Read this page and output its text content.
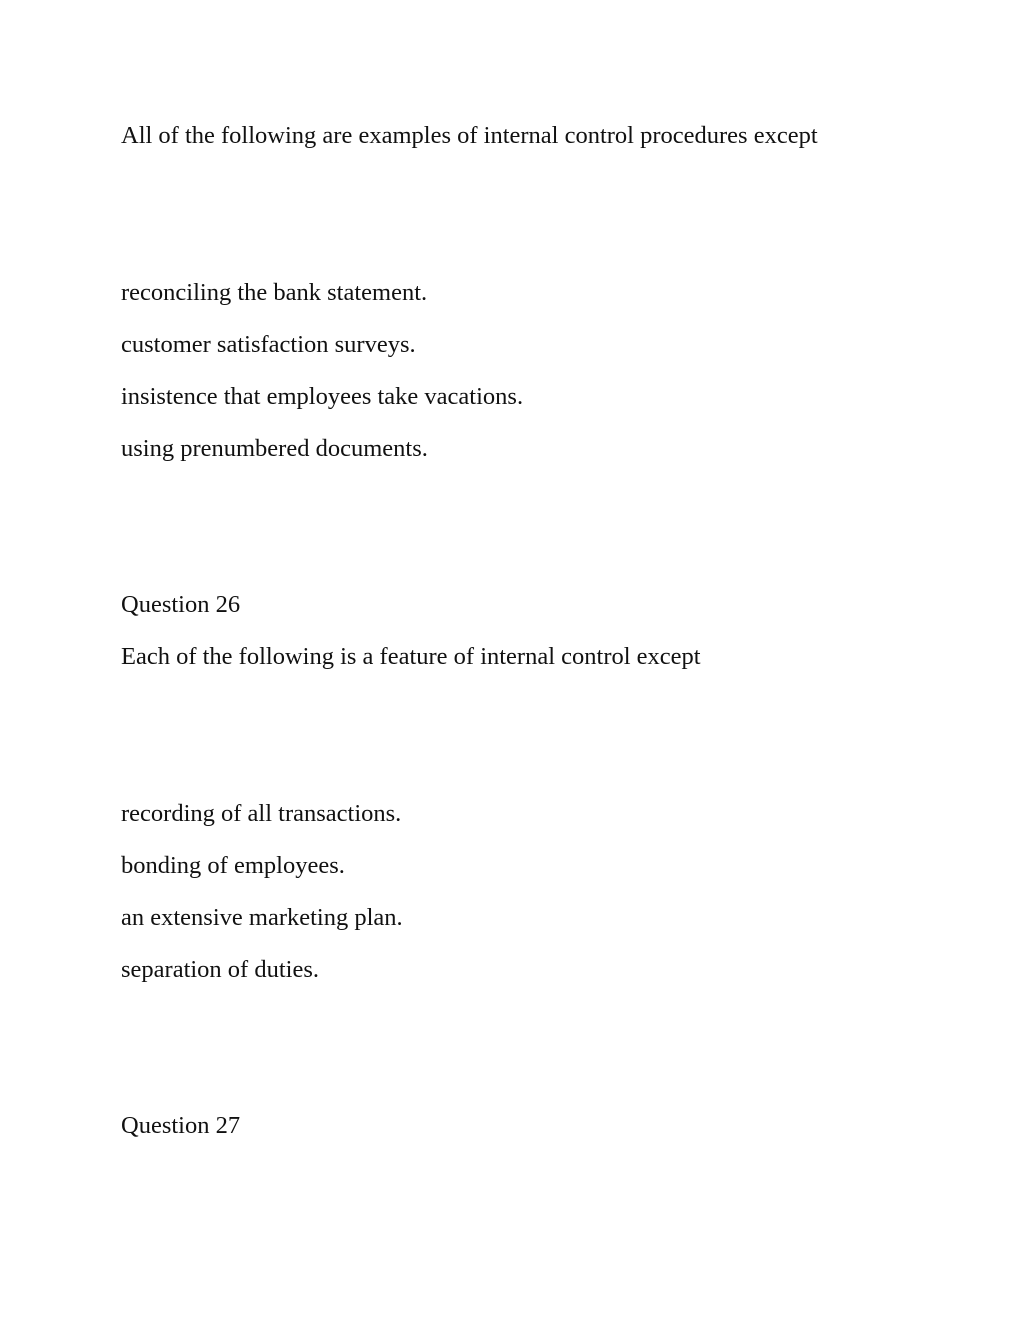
All of the following are examples of internal control procedures except
reconciling the bank statement.
customer satisfaction surveys.
insistence that employees take vacations.
using prenumbered documents.
Question 26
Each of the following is a feature of internal control except
recording of all transactions.
bonding of employees.
an extensive marketing plan.
separation of duties.
Question 27
